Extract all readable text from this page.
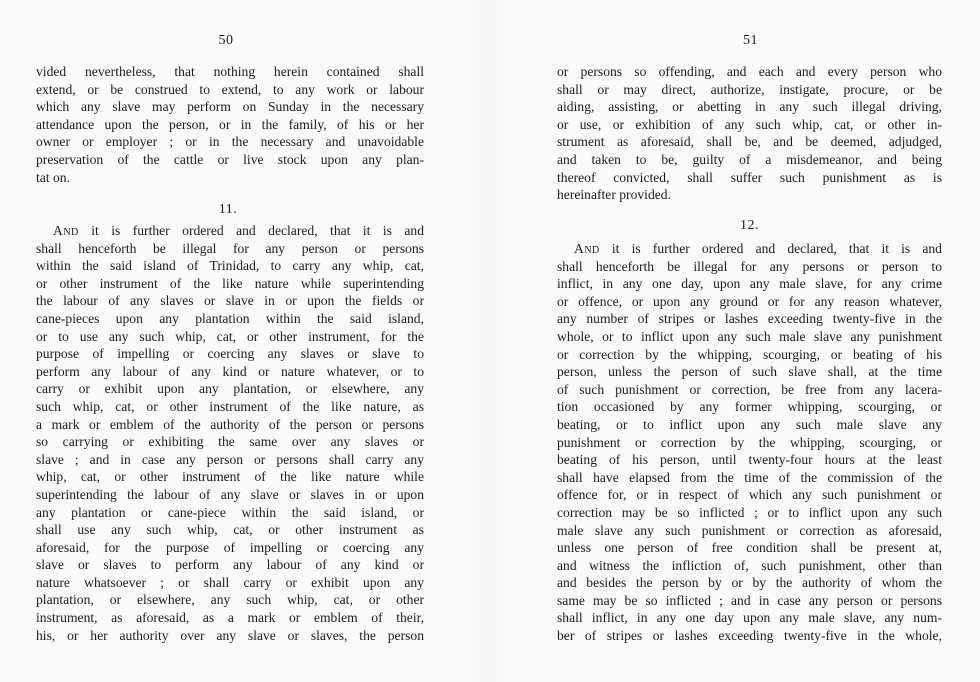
50
vided nevertheless, that nothing herein contained shall
extend, or be construed to extend, to any work or labour
which any slave may perform on Sunday in the necessary
attendance upon the person, or in the family, of his or her
owner or employer ; or in the necessary and unavoidable
preservation of the cattle or live stock upon any plan-
tat on.
11.
And it is further ordered and declared, that it is and
shall henceforth be illegal for any person or persons
within the said island of Trinidad, to carry any whip, cat,
or other instrument of the like nature while superintending
the labour of any slaves or slave in or upon the fields or
cane-pieces upon any plantation within the said island,
or to use any such whip, cat, or other instrument, for the
purpose of impelling or coercing any slaves or slave to
perform any labour of any kind or nature whatever, or to
carry or exhibit upon any plantation, or elsewhere, any
such whip, cat, or other instrument of the like nature, as
a mark or emblem of the authority of the person or persons
so carrying or exhibiting the same over any slaves or
slave ; and in case any person or persons shall carry any
whip, cat, or other instrument of the like nature while
superintending the labour of any slave or slaves in or upon
any plantation or cane-piece within the said island, or
shall use any such whip, cat, or other instrument as
aforesaid, for the purpose of impelling or coercing any
slave or slaves to perform any labour of any kind or
nature whatsoever ; or shall carry or exhibit upon any
plantation, or elsewhere, any such whip, cat, or other
instrument, as aforesaid, as a mark or emblem of their,
his, or her authority over any slave or slaves, the person
51
or persons so offending, and each and every person who
shall or may direct, authorize, instigate, procure, or be
aiding, assisting, or abetting in any such illegal driving,
or use, or exhibition of any such whip, cat, or other in-
strument as aforesaid, shall be, and be deemed, adjudged,
and taken to be, guilty of a misdemeanor, and being
thereof convicted, shall suffer such punishment as is
hereinafter provided.
12.
And it is further ordered and declared, that it is and
shall henceforth be illegal for any persons or person to
inflict, in any one day, upon any male slave, for any crime
or offence, or upon any ground or for any reason whatever,
any number of stripes or lashes exceeding twenty-five in the
whole, or to inflict upon any such male slave any punishment
or correction by the whipping, scourging, or beating of his
person, unless the person of such slave shall, at the time
of such punishment or correction, be free from any lacera-
tion occasioned by any former whipping, scourging, or
beating, or to inflict upon any such male slave any
punishment or correction by the whipping, scourging, or
beating of his person, until twenty-four hours at the least
shall have elapsed from the time of the commission of the
offence for, or in respect of which any such punishment or
correction may be so inflicted ; or to inflict upon any such
male slave any such punishment or correction as aforesaid,
unless one person of free condition shall be present at,
and witness the infliction of, such punishment, other than
and besides the person by or by the authority of whom the
same may be so inflicted ; and in case any person or persons
shall inflict, in any one day upon any male slave, any num-
ber of stripes or lashes exceeding twenty-five in the whole,
